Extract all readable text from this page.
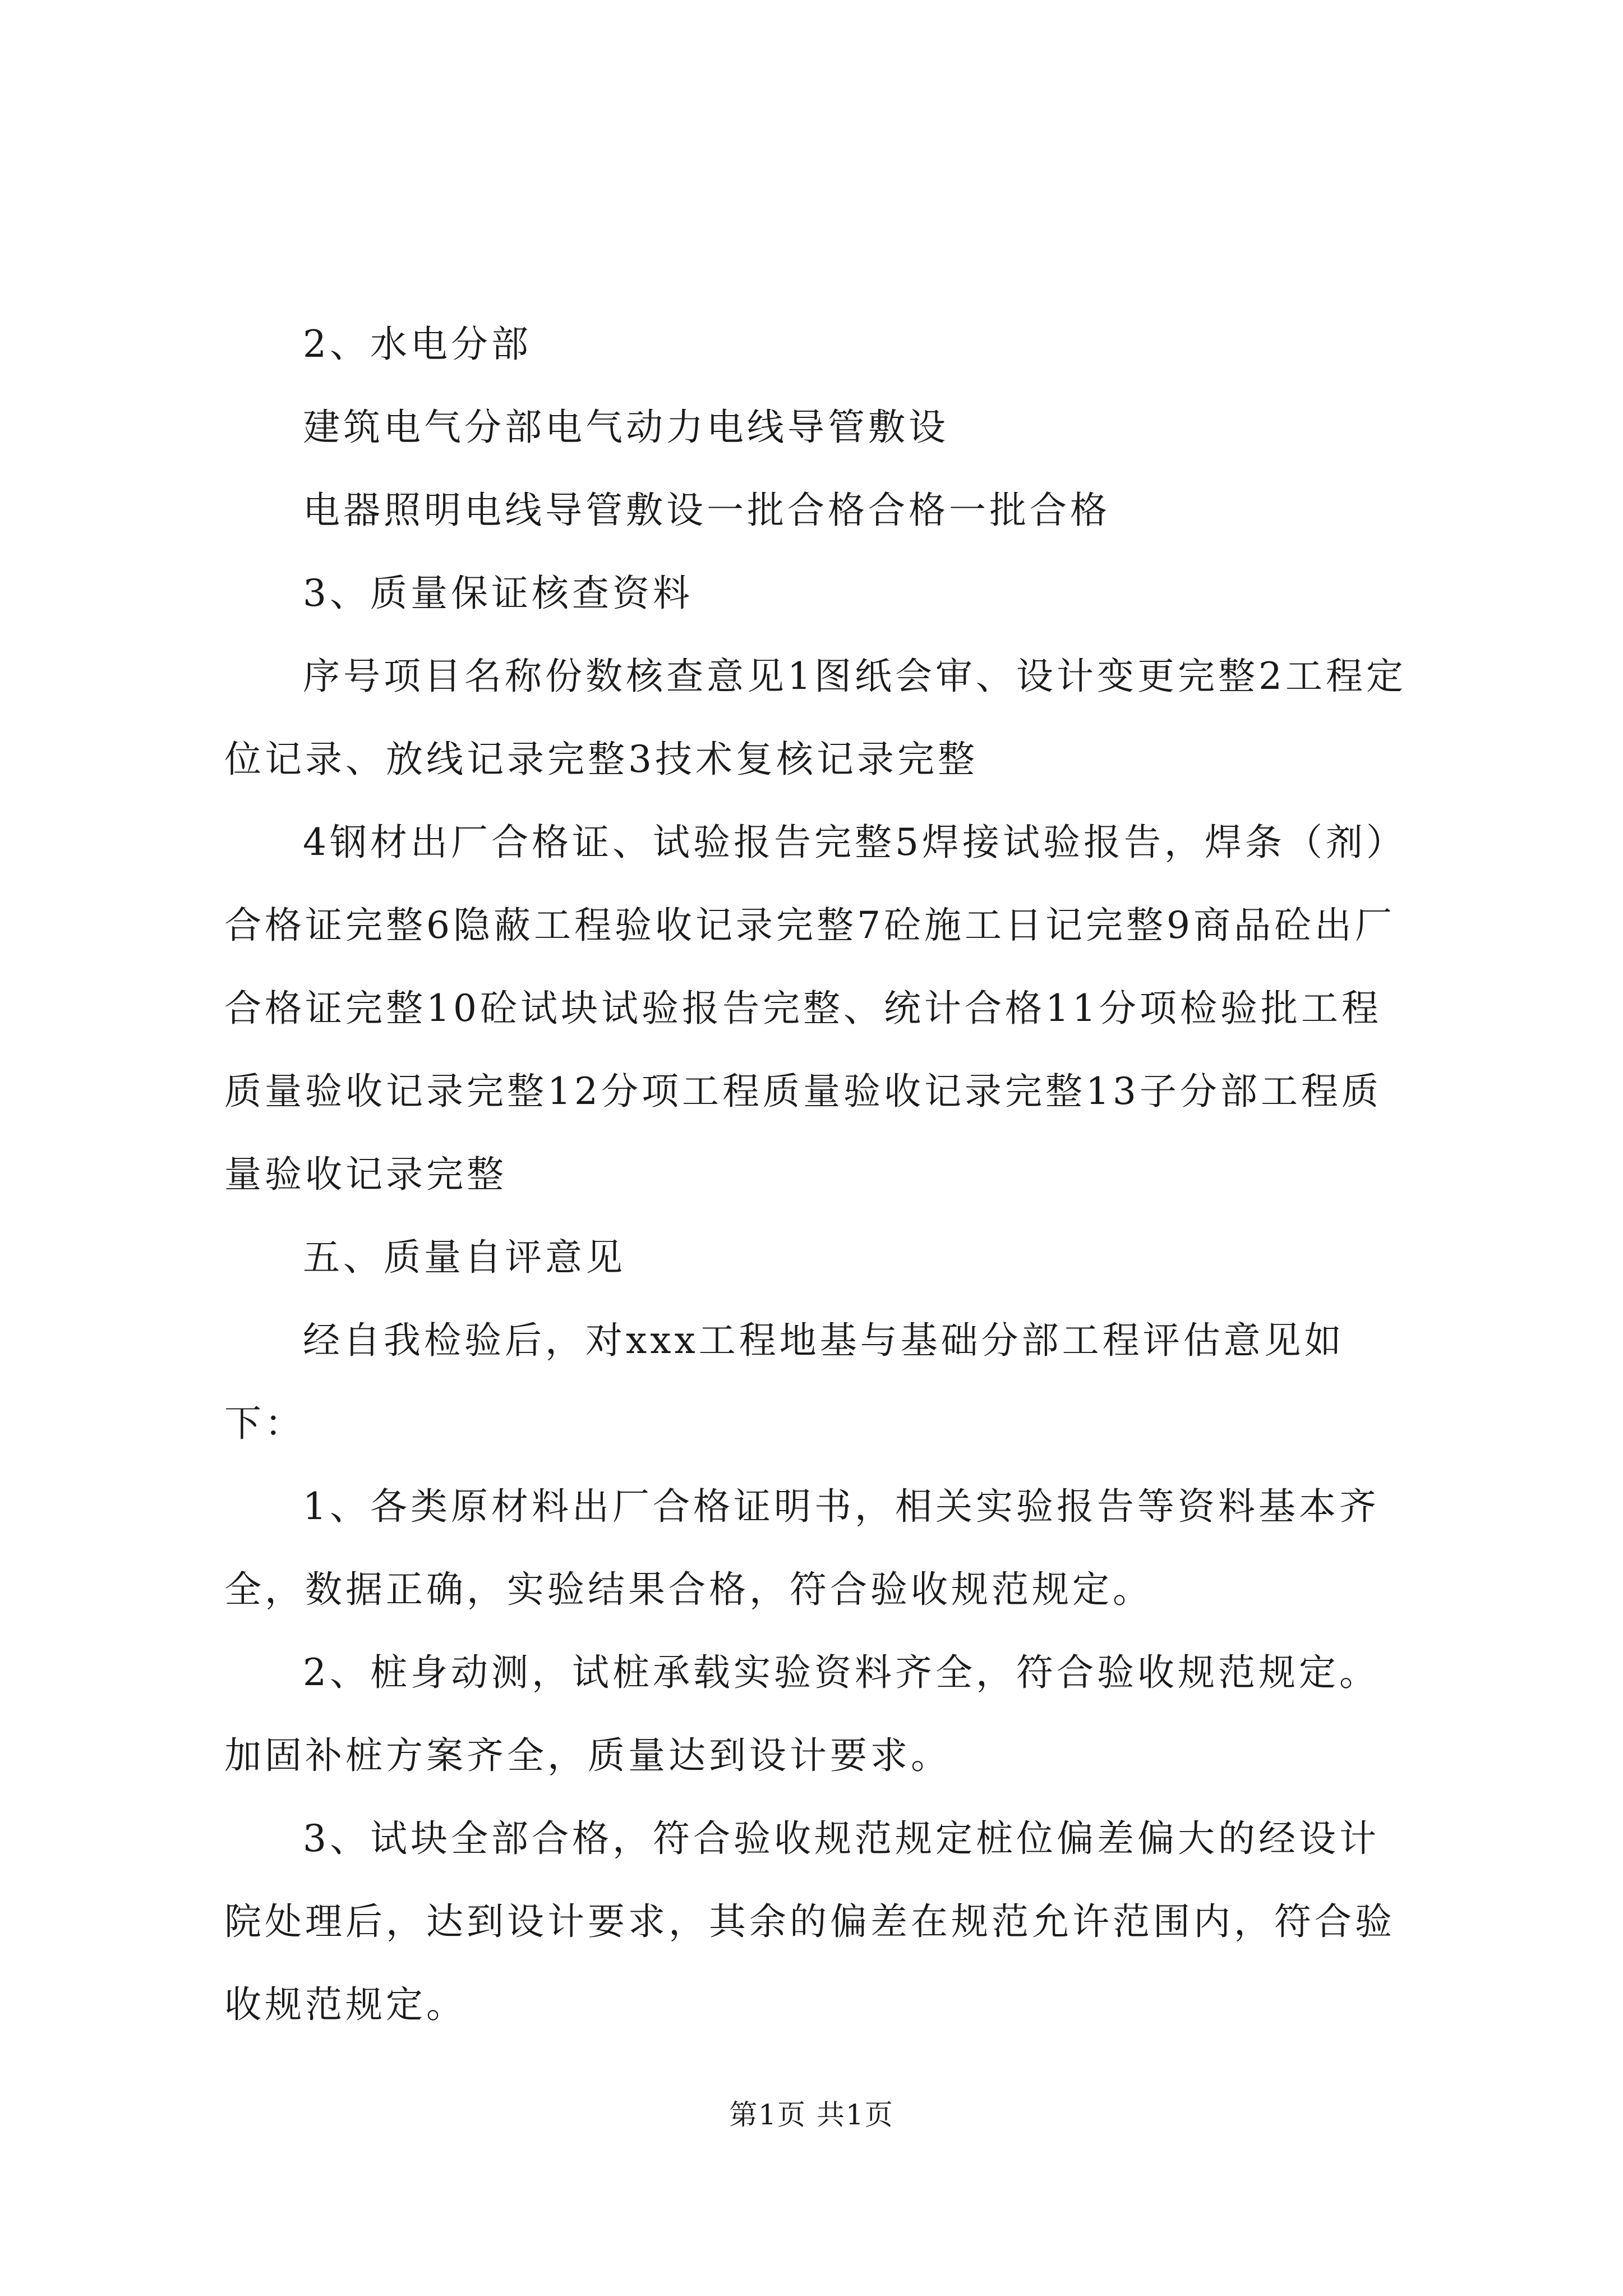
2、水电分部

建筑电气分部电气动力电线导管敷设

电器照明电线导管敷设一批合格合格一批合格

3、质量保证核查资料

序号项目名称份数核查意见1图纸会审、设计变更完整2工程定位记录、放线记录完整3技术复核记录完整

4钢材出厂合格证、试验报告完整5焊接试验报告，焊条（剂）合格证完整6隐蔽工程验收记录完整7砼施工日记完整9商品砼出厂合格证完整10砼试块试验报告完整、统计合格11分项检验批工程质量验收记录完整12分项工程质量验收记录完整13子分部工程质量验收记录完整

五、质量自评意见

经自我检验后，对xxx工程地基与基础分部工程评估意见如下：

1、各类原材料出厂合格证明书，相关实验报告等资料基本齐全，数据正确，实验结果合格，符合验收规范规定。

2、桩身动测，试桩承载实验资料齐全，符合验收规范规定。加固补桩方案齐全，质量达到设计要求。

3、试块全部合格，符合验收规范规定桩位偏差偏大的经设计院处理后，达到设计要求，其余的偏差在规范允许范围内，符合验收规范规定。

第1页 共1页
